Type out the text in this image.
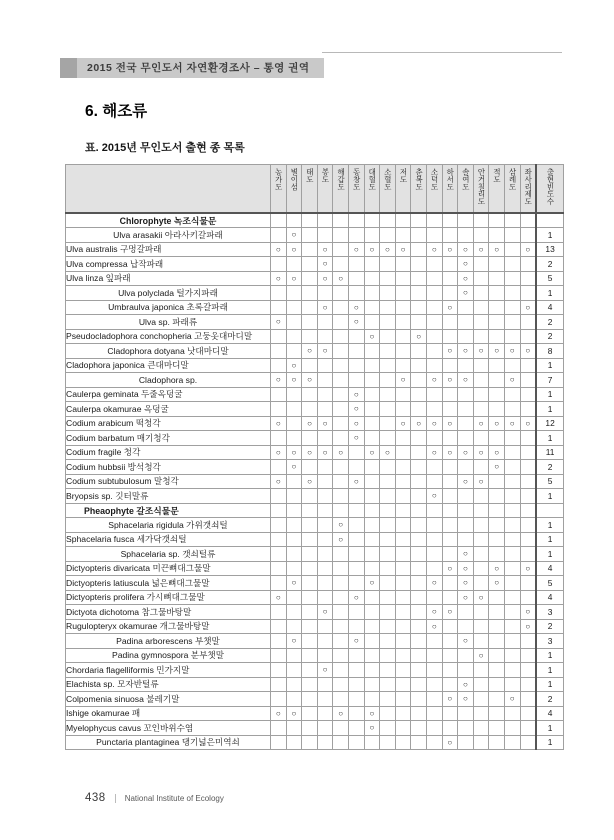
2015 전국 무인도서 자연환경조사 – 통영 권역
6. 해조류
표. 2015년 무인도서 출현 종 목록

	농가도	별이섬	태도	봉도	해갑도	동창도	대혈도	소혈도	저도	춘복도	소덕도	하서도	솔여도	안거칠리도	적도	삼례도	좌사리제도	출현빈도수

Chlorophyte 녹조식물문																		
Ulva arasakii 아라사키갈파래		○																1
Ulva australis 구멍갈파래	○	○		○		○	○	○	○		○	○	○	○	○		○	13
Ulva compressa 납작파래				○									○					2
Ulva linza 잎파래	○	○		○	○								○					5
Ulva polyclada 털가지파래													○					1
Umbraulva japonica 초록갈파래				○		○						○					○	4
Ulva sp. 파래류	○					○												2
Pseudocladophora conchopheria 고둥옷대마디말							○			○								2
Cladophora dotyana 낫대마디말			○	○								○	○	○	○	○	○	8
Cladophora japonica 큰대마디말		○																1
Cladophora sp.	○	○	○						○		○	○	○			○		7
Caulerpa geminata 두줄옥덩굴						○												1
Caulerpa okamurae 옥덩굴						○												1
Codium arabicum 떡청각	○		○	○		○			○	○	○	○		○	○	○	○	12
Codium barbatum 매기청각						○												1
Codium fragile 청각	○	○	○	○	○		○	○			○	○	○	○	○			11
Codium hubbsii 방석청각		○													○			2
Codium subtubulosum 말청각	○		○			○							○	○				5
Bryopsis sp. 깃터말류											○							1
Pheaophyte 갈조식물문																		
Sphacelaria rigidula 가위갯쇠털					○													1
Sphacelaria fusca 세가닥갯쇠털					○													1
Sphacelaria sp. 갯쇠털류													○					1
Dictyopteris divaricata 미끈뼈대그물말												○	○		○		○	4
Dictyopteris latiuscula 넓은뼈대그물말		○					○				○		○		○			5
Dictyopteris prolifera 가시뼈대그물말	○					○							○	○				4
Dictyota dichotoma 참그물바탕말				○							○	○					○	3
Rugulopteryx okamurae 개그물바탕말											○						○	2
Padina arborescens 부챗말		○				○							○					3
Padina gymnospora 분부챗말														○				1
Chordaria flagelliformis 민가지말				○														1
Elachista sp. 모자반털류													○					1
Colpomenia sinuosa 불레기말												○	○			○		2
Ishige okamurae 패	○	○			○		○											4
Myelophycus cavus 꼬인바위수염							○											1
Punctaria plantaginea 댕기넓은미역쇠												○						1
438 National Institute of Ecology
